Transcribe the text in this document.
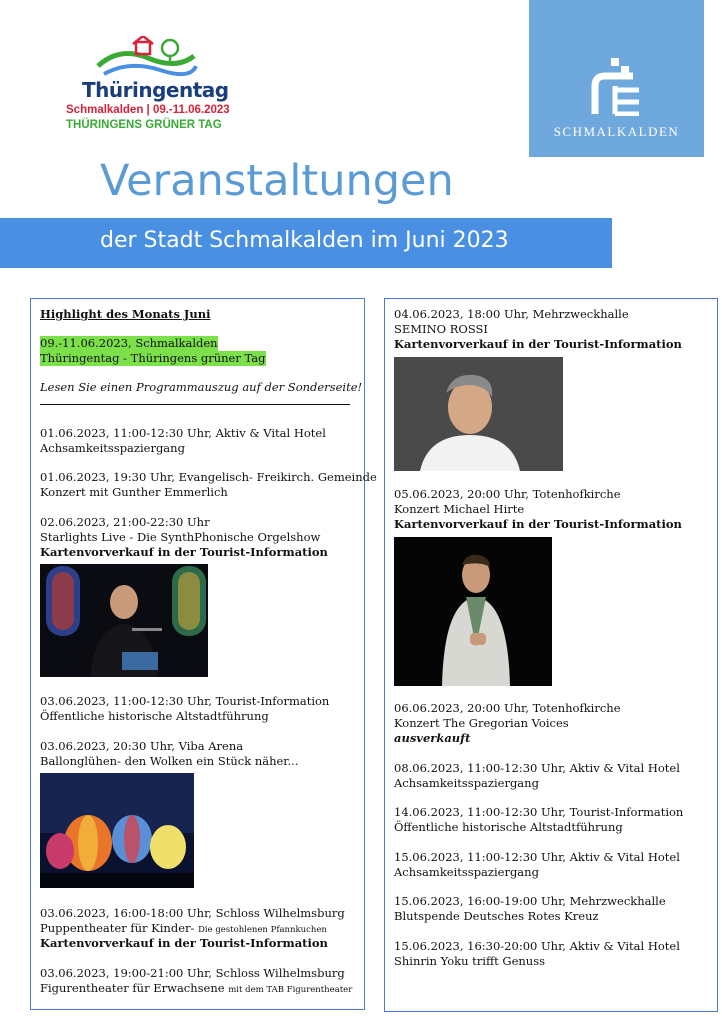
Thüringentag
Schmalkalden | 09.-11.06.2023
THÜRINGENS GRÜNER TAG	SCHMALKALDEN
Veranstaltungen
der Stadt Schmalkalden im Juni 2023
Highlight des Monats Juni
09.-11.06.2023, Schmalkalden
Thüringentag - Thüringens grüner Tag
Lesen Sie einen Programmauszug auf der Sonderseite!
01.06.2023, 11:00-12:30 Uhr, Aktiv & Vital Hotel
Achsamkeitsspaziergang
01.06.2023, 19:30 Uhr, Evangelisch- Freikirch. Gemeinde
Konzert mit Gunther Emmerlich
02.06.2023, 21:00-22:30 Uhr
Starlights Live - Die SynthPhonische Orgelshow
Kartenvorverkauf in der Tourist-Information
03.06.2023, 11:00-12:30 Uhr, Tourist-Information
Öffentliche historische Altstadtführung
03.06.2023, 20:30 Uhr, Viba Arena
Ballonglühen- den Wolken ein Stück näher...
03.06.2023, 16:00-18:00 Uhr, Schloss Wilhelmsburg
Puppentheater für Kinder- Die gestohlenen Pfannkuchen
Kartenvorverkauf in der Tourist-Information
03.06.2023, 19:00-21:00 Uhr, Schloss Wilhelmsburg
Figurentheater für Erwachsene mit dem TAB Figurentheater
04.06.2023, 18:00 Uhr, Mehrzweckhalle
SEMINO ROSSI
Kartenvorverkauf in der Tourist-Information
05.06.2023, 20:00 Uhr, Totenhofkirche
Konzert Michael Hirte
Kartenvorverkauf in der Tourist-Information
06.06.2023, 20:00 Uhr, Totenhofkirche
Konzert The Gregorian Voices
ausverkauft
08.06.2023, 11:00-12:30 Uhr, Aktiv & Vital Hotel
Achsamkeitsspaziergang
14.06.2023, 11:00-12:30 Uhr, Tourist-Information
Öffentliche historische Altstadtführung
15.06.2023, 11:00-12:30 Uhr, Aktiv & Vital Hotel
Achsamkeitsspaziergang
15.06.2023, 16:00-19:00 Uhr, Mehrzweckhalle
Blutspende Deutsches Rotes Kreuz
15.06.2023, 16:30-20:00 Uhr, Aktiv & Vital Hotel
Shinrin Yoku trifft Genuss
